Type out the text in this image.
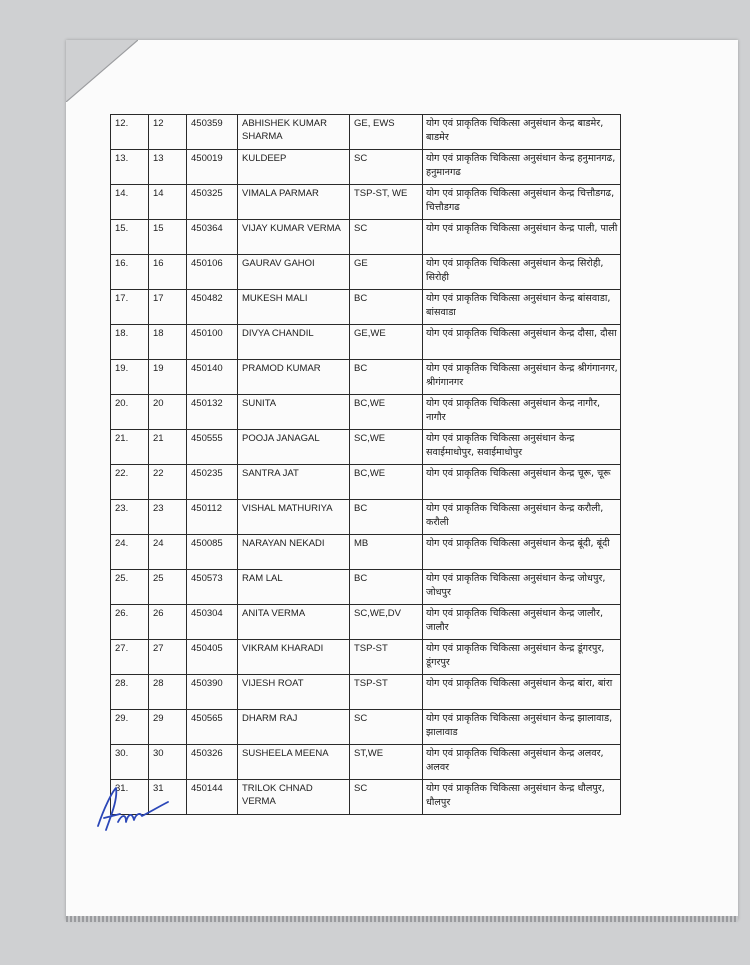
12.	12	450359	ABHISHEK KUMAR SHARMA	GE, EWS	योग एवं प्राकृतिक चिकित्सा अनुसंधान केन्द्र बाडमेर, बाडमेर
13.	13	450019	KULDEEP	SC	योग एवं प्राकृतिक चिकित्सा अनुसंधान केन्द्र हनुमानगढ, हनुमानगढ
14.	14	450325	VIMALA PARMAR	TSP-ST, WE	योग एवं प्राकृतिक चिकित्सा अनुसंधान केन्द्र चित्तौडगढ, चित्तौडगढ
15.	15	450364	VIJAY KUMAR VERMA	SC	योग एवं प्राकृतिक चिकित्सा अनुसंधान केन्द्र पाली, पाली
16.	16	450106	GAURAV GAHOI	GE	योग एवं प्राकृतिक चिकित्सा अनुसंधान केन्द्र सिरोही, सिरोही
17.	17	450482	MUKESH MALI	BC	योग एवं प्राकृतिक चिकित्सा अनुसंधान केन्द्र बांसवाडा, बांसवाडा
18.	18	450100	DIVYA CHANDIL	GE,WE	योग एवं प्राकृतिक चिकित्सा अनुसंधान केन्द्र दौसा, दौसा
19.	19	450140	PRAMOD KUMAR	BC	योग एवं प्राकृतिक चिकित्सा अनुसंधान केन्द्र श्रीगंगानगर, श्रीगंगानगर
20.	20	450132	SUNITA	BC,WE	योग एवं प्राकृतिक चिकित्सा अनुसंधान केन्द्र नागौर, नागौर
21.	21	450555	POOJA JANAGAL	SC,WE	योग एवं प्राकृतिक चिकित्सा अनुसंधान केन्द्र सवाईमाधोपुर, सवाईमाधोपुर
22.	22	450235	SANTRA JAT	BC,WE	योग एवं प्राकृतिक चिकित्सा अनुसंधान केन्द्र चूरू, चूरू
23.	23	450112	VISHAL MATHURIYA	BC	योग एवं प्राकृतिक चिकित्सा अनुसंधान केन्द्र करौली, करौली
24.	24	450085	NARAYAN NEKADI	MB	योग एवं प्राकृतिक चिकित्सा अनुसंधान केन्द्र बूंदी, बूंदी
25.	25	450573	RAM LAL	BC	योग एवं प्राकृतिक चिकित्सा अनुसंधान केन्द्र जोधपुर, जोधपुर
26.	26	450304	ANITA VERMA	SC,WE,DV	योग एवं प्राकृतिक चिकित्सा अनुसंधान केन्द्र जालौर, जालौर
27.	27	450405	VIKRAM KHARADI	TSP-ST	योग एवं प्राकृतिक चिकित्सा अनुसंधान केन्द्र डूंगरपुर, डूंगरपुर
28.	28	450390	VIJESH ROAT	TSP-ST	योग एवं प्राकृतिक चिकित्सा अनुसंधान केन्द्र बांरा, बांरा
29.	29	450565	DHARM RAJ	SC	योग एवं प्राकृतिक चिकित्सा अनुसंधान केन्द्र झालावाड, झालावाड
30.	30	450326	SUSHEELA MEENA	ST,WE	योग एवं प्राकृतिक चिकित्सा अनुसंधान केन्द्र अलवर, अलवर
31.	31	450144	TRILOK CHNAD VERMA	SC	योग एवं प्राकृतिक चिकित्सा अनुसंधान केन्द्र धौलपुर, धौलपुर
